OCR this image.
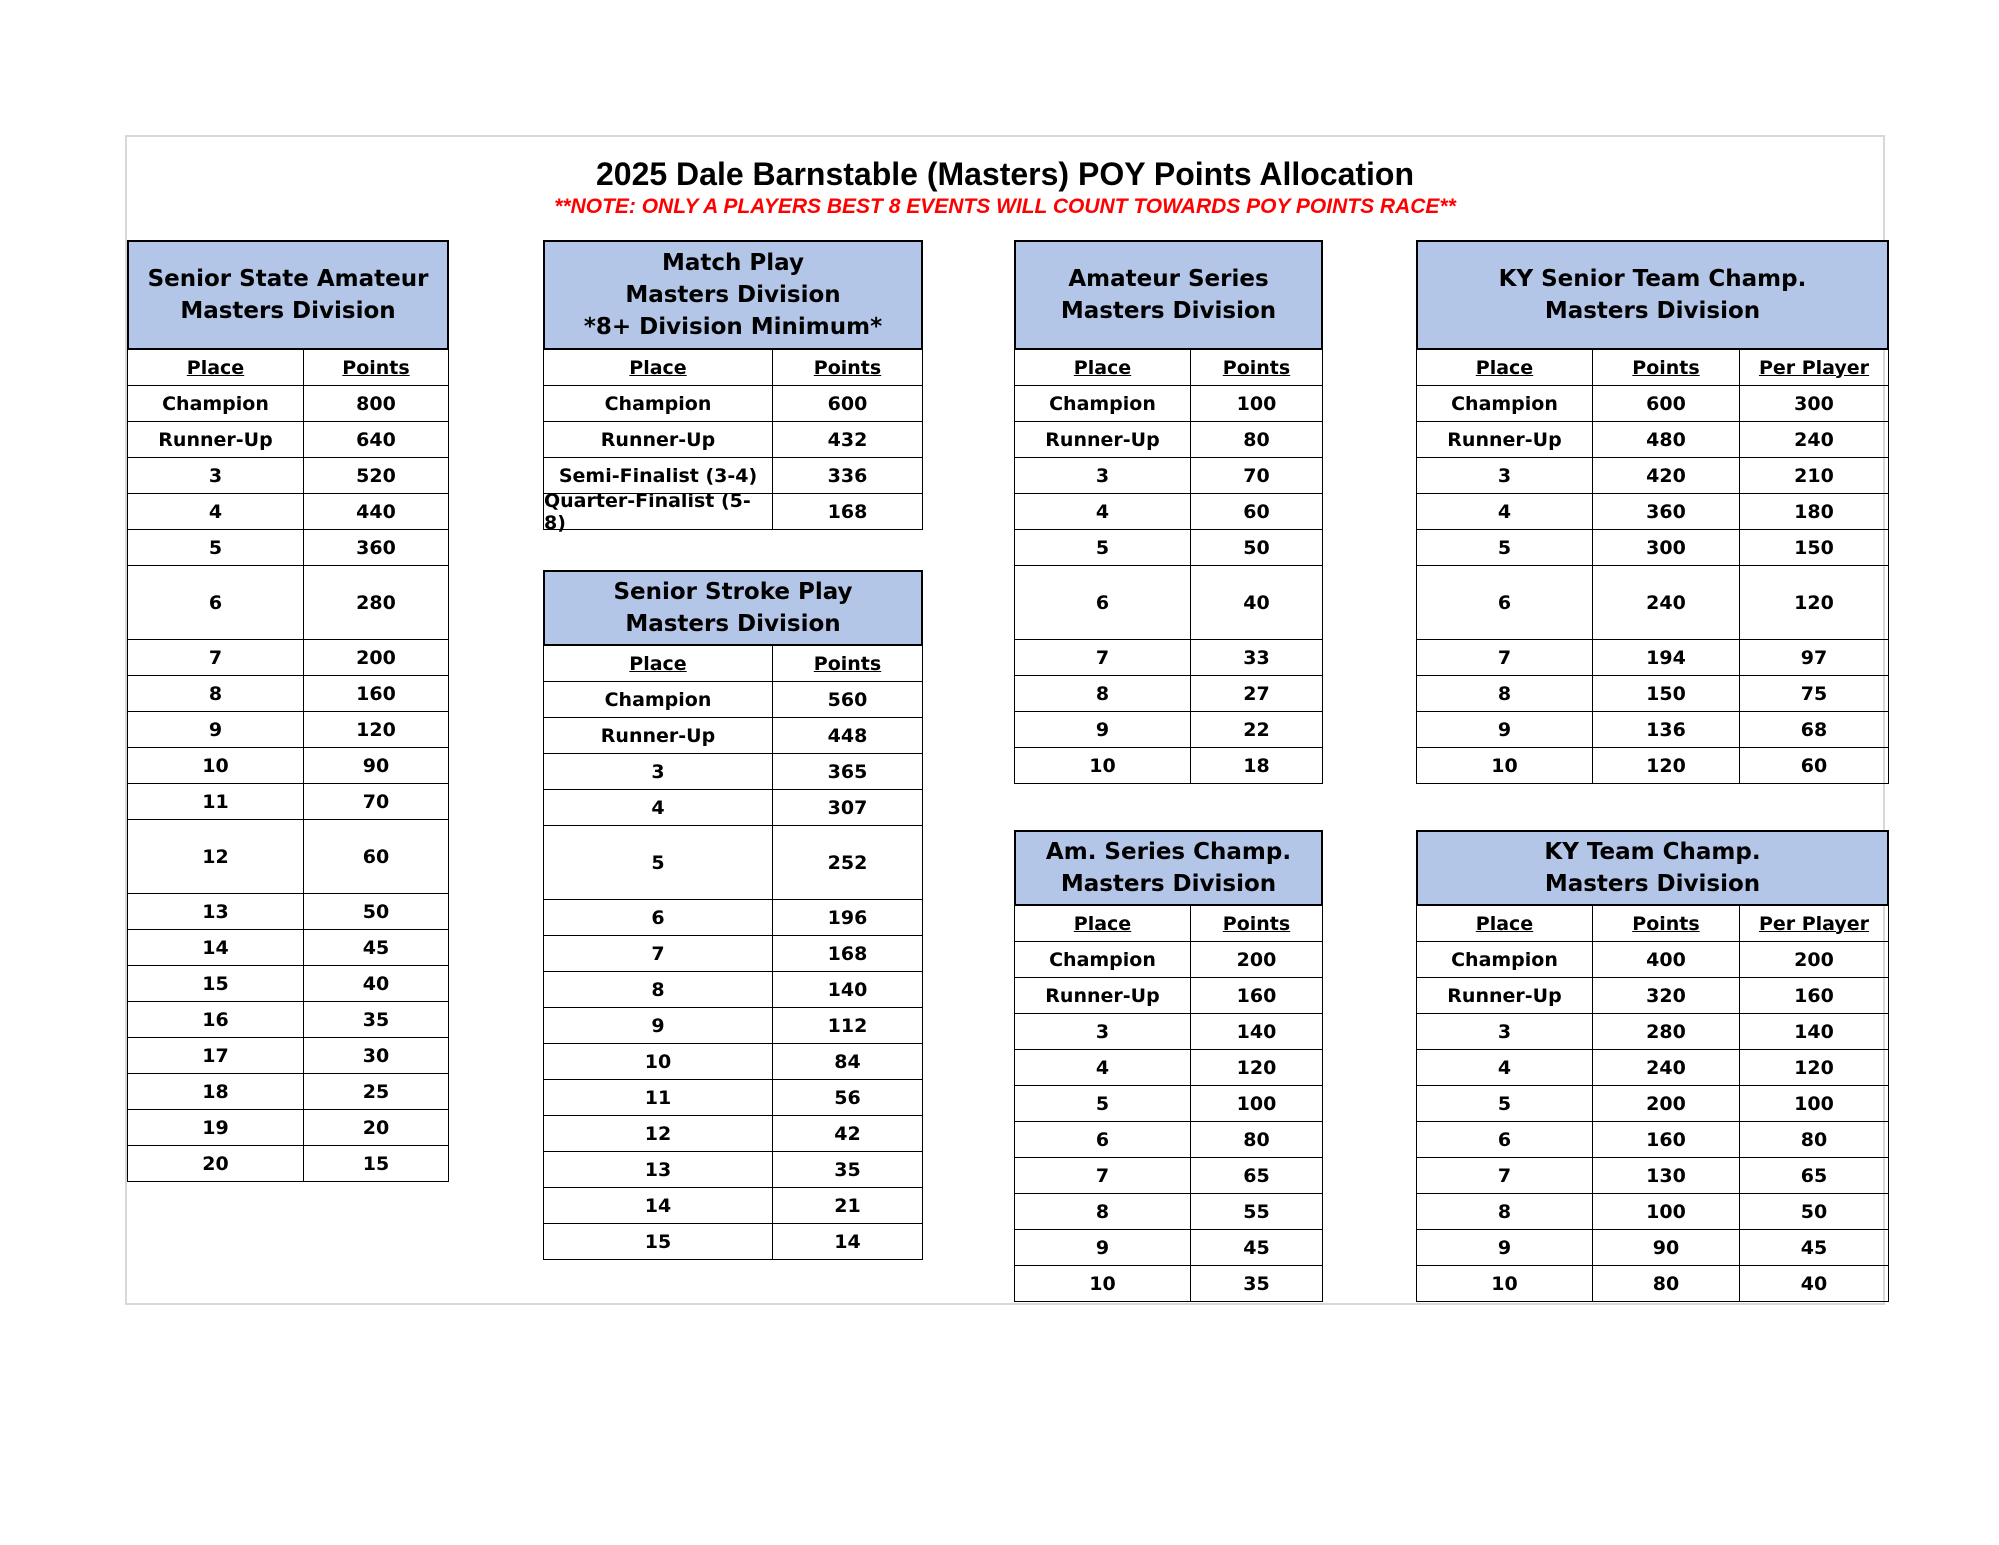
2025 Dale Barnstable (Masters) POY Points Allocation
**NOTE: ONLY A PLAYERS BEST 8 EVENTS WILL COUNT TOWARDS POY POINTS RACE**
Senior State Amateur
Masters Division
Place	Points
Champion	800
Runner-Up	640
3	520
4	440
5	360
6	280
7	200
8	160
9	120
10	90
11	70
12	60
13	50
14	45
15	40
16	35
17	30
18	25
19	20
20	15
Match Play
Masters Division
*8+ Division Minimum*
Place	Points
Champion	600
Runner-Up	432
Semi-Finalist (3-4)	336
Quarter-Finalist (5-8)	168
Senior Stroke Play
Masters Division
Place	Points
Champion	560
Runner-Up	448
3	365
4	307
5	252
6	196
7	168
8	140
9	112
10	84
11	56
12	42
13	35
14	21
15	14
Amateur Series
Masters Division
Place	Points
Champion	100
Runner-Up	80
3	70
4	60
5	50
6	40
7	33
8	27
9	22
10	18
Am. Series Champ.
Masters Division
Place	Points
Champion	200
Runner-Up	160
3	140
4	120
5	100
6	80
7	65
8	55
9	45
10	35
KY Senior Team Champ.
Masters Division
Place	Points	Per Player
Champion	600	300
Runner-Up	480	240
3	420	210
4	360	180
5	300	150
6	240	120
7	194	97
8	150	75
9	136	68
10	120	60
KY Team Champ.
Masters Division
Place	Points	Per Player
Champion	400	200
Runner-Up	320	160
3	280	140
4	240	120
5	200	100
6	160	80
7	130	65
8	100	50
9	90	45
10	80	40
